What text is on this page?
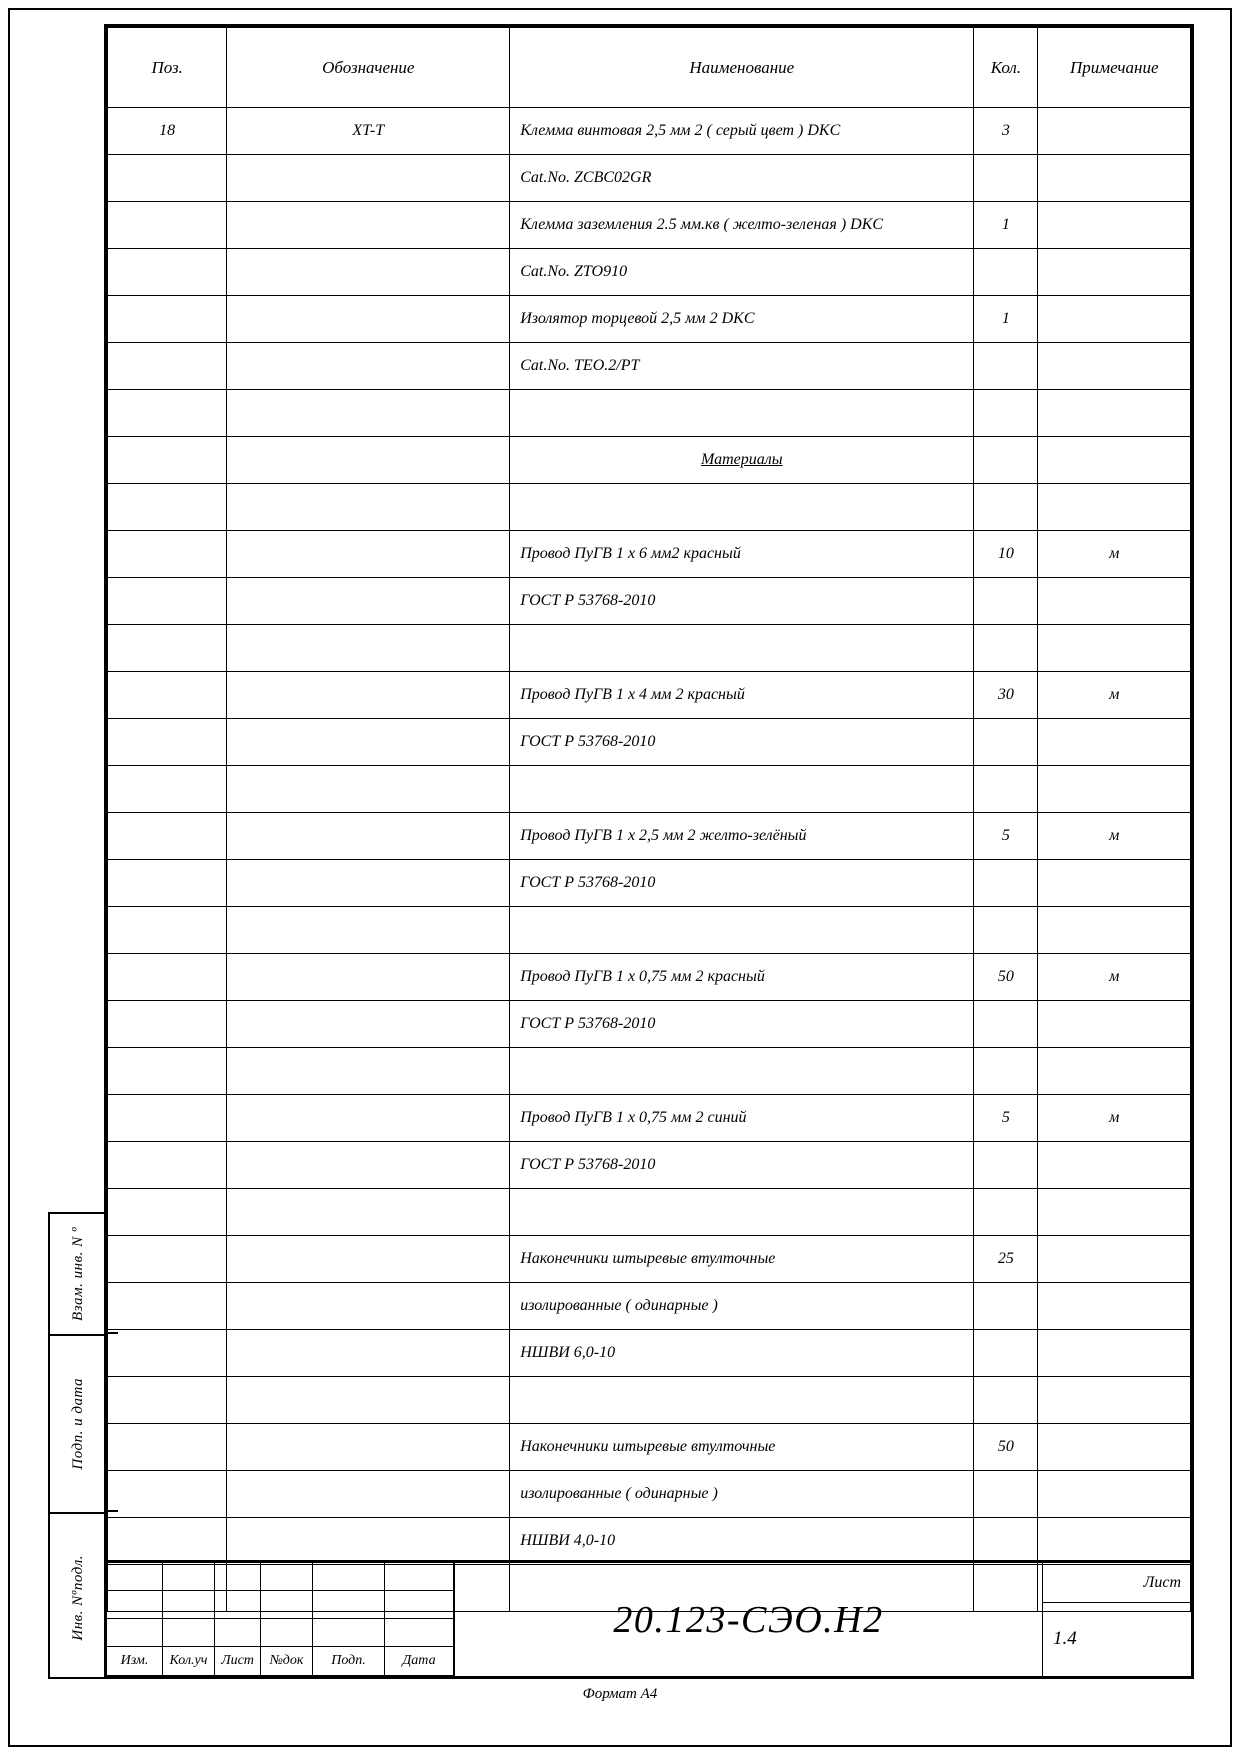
Взам. инв. N º
Подп. и дата
Инв. Nºподл.
Поз.	Обозначение	Наименование	Кол.	Примечание
18	XT-T	Клемма винтовая 2,5 мм 2 ( серый цвет ) DKC	3	
		Cat.No. ZCBC02GR		
		Клемма заземления 2.5 мм.кв ( желто-зеленая ) DKC	1	
		Cat.No. ZTO910		
		Изолятор торцевой 2,5 мм 2 DKC	1	
		Cat.No. TEO.2/PT		

		Материалы		

		Провод ПуГВ 1 х 6 мм2 красный	10	м
		ГОСТ Р 53768-2010		

		Провод ПуГВ 1 х 4 мм 2 красный	30	м
		ГОСТ Р 53768-2010		

		Провод ПуГВ 1 х 2,5 мм 2 желто-зелёный	5	м
		ГОСТ Р 53768-2010		

		Провод ПуГВ 1 х 0,75 мм 2 красный	50	м
		ГОСТ Р 53768-2010		

		Провод ПуГВ 1 х 0,75 мм 2 синий	5	м
		ГОСТ Р 53768-2010		

		Наконечники штыревые втулточные	25	
		изолированные ( одинарные )		
		НШВИ 6,0-10		

		Наконечники штыревые втулточные	50	
		изолированные ( одинарные )		
		НШВИ 4,0-10		

Изм.	Кол.уч Лист	№док	Подп.	Дата
20.123-СЭО.Н2
Лист
1.4
Формат А4
